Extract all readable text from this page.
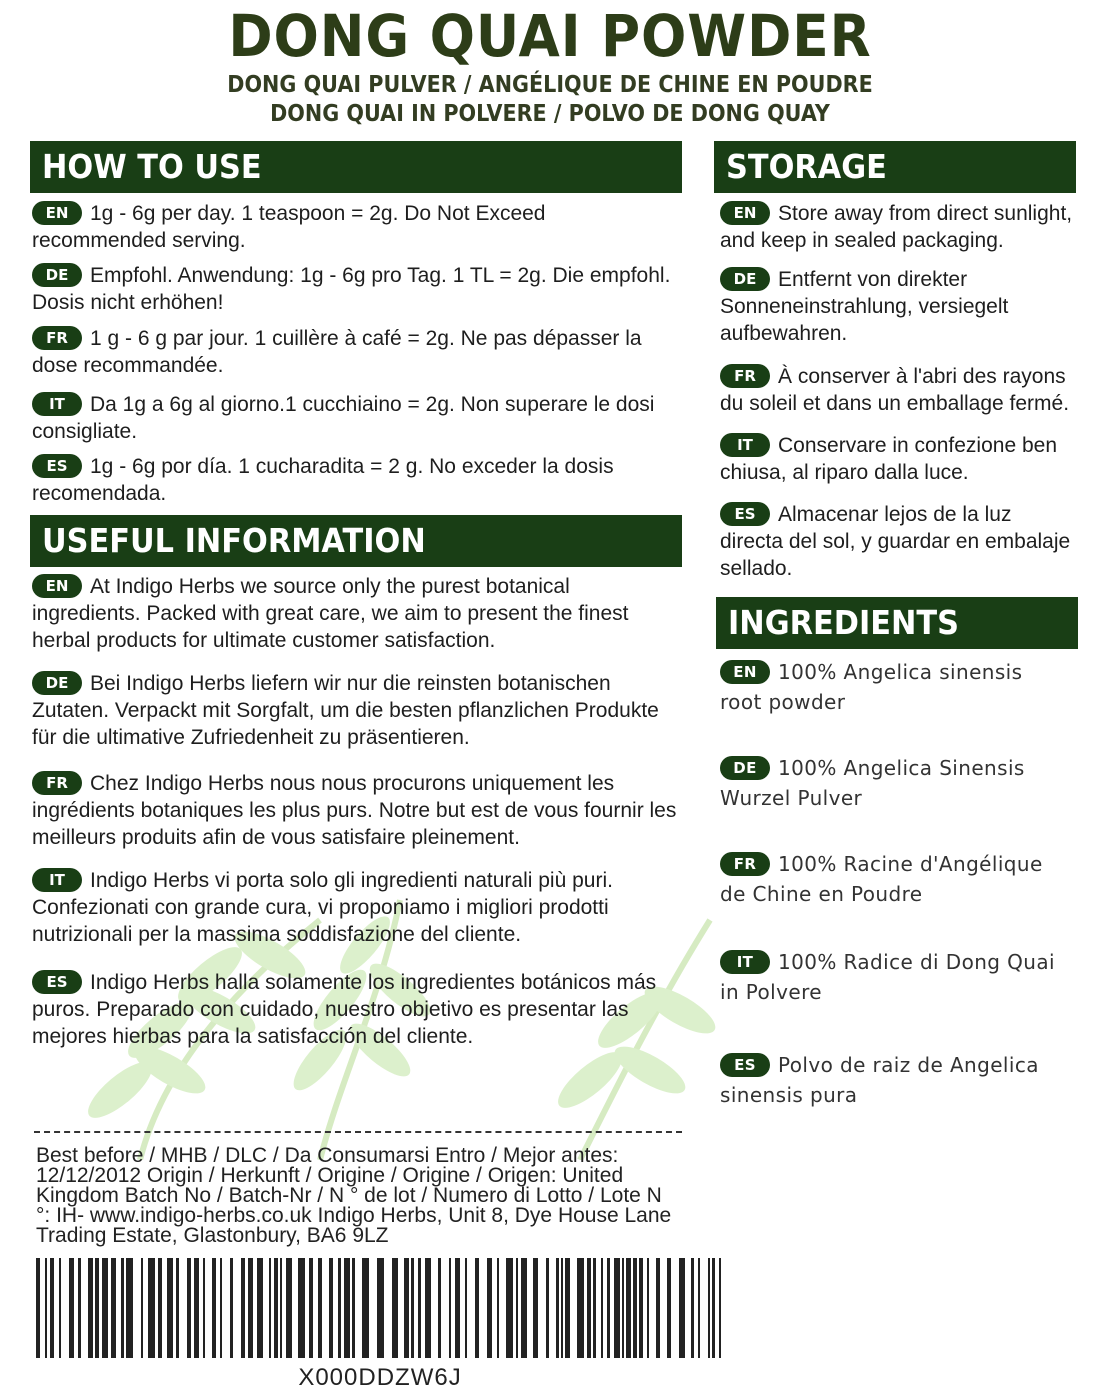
DONG QUAI POWDER
DONG QUAI PULVER / ANGÉLIQUE DE CHINE EN POUDRE
DONG QUAI IN POLVERE / POLVO DE DONG QUAY
HOW TO USE
EN 1g - 6g per day. 1 teaspoon = 2g. Do Not Exceed recommended serving.
DE Empfohl. Anwendung: 1g - 6g pro Tag. 1 TL = 2g. Die empfohl. Dosis nicht erhöhen!
FR 1 g - 6 g par jour. 1 cuillère à café = 2g. Ne pas dépasser la dose recommandée.
IT Da 1g a 6g al giorno.1 cucchiaino = 2g. Non superare le dosi consigliate.
ES 1g - 6g por día. 1 cucharadita = 2 g. No exceder la dosis recomendada.
USEFUL INFORMATION
EN At Indigo Herbs we source only the purest botanical ingredients. Packed with great care, we aim to present the finest herbal products for ultimate customer satisfaction.
DE Bei Indigo Herbs liefern wir nur die reinsten botanischen Zutaten. Verpackt mit Sorgfalt, um die besten pflanzlichen Produkte für die ultimative Zufriedenheit zu präsentieren.
FR Chez Indigo Herbs nous nous procurons uniquement les ingrédients botaniques les plus purs. Notre but est de vous fournir les meilleurs produits afin de vous satisfaire pleinement.
IT Indigo Herbs vi porta solo gli ingredienti naturali più puri. Confezionati con grande cura, vi proponiamo i migliori prodotti nutrizionali per la massima soddisfazione del cliente.
ES Indigo Herbs halla solamente los ingredientes botánicos más puros. Preparado con cuidado, nuestro objetivo es presentar las mejores hierbas para la satisfacción del cliente.
STORAGE
EN Store away from direct sunlight, and keep in sealed packaging.
DE Entfernt von direkter Sonneneinstrahlung, versiegelt aufbewahren.
FR À conserver à l'abri des rayons du soleil et dans un emballage fermé.
IT Conservare in confezione ben chiusa, al riparo dalla luce.
ES Almacenar lejos de la luz directa del sol, y guardar en embalaje sellado.
INGREDIENTS
EN 100% Angelica sinensis root powder
DE 100% Angelica Sinensis Wurzel Pulver
FR 100% Racine d'Angélique de Chine en Poudre
IT 100% Radice di Dong Quai in Polvere
ES Polvo de raiz de Angelica sinensis pura
Best before / MHB / DLC / Da Consumarsi Entro / Mejor antes: 12/12/2012 Origin / Herkunft / Origine / Origine / Origen: United Kingdom Batch No / Batch-Nr / N ° de lot / Numero di Lotto / Lote N °: IH- www.indigo-herbs.co.uk Indigo Herbs, Unit 8, Dye House Lane Trading Estate, Glastonbury, BA6 9LZ
X000DDZW6J
